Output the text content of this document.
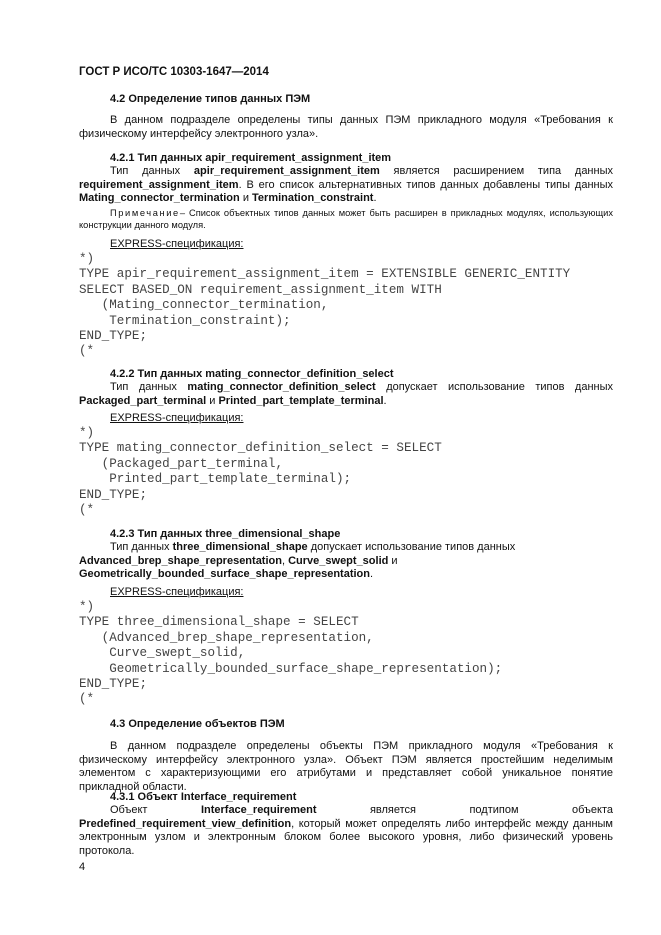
ГОСТ Р ИСО/ТС 10303-1647—2014
4.2 Определение типов данных ПЭМ
В данном подразделе определены типы данных ПЭМ прикладного модуля «Требования к физическому интерфейсу электронного узла».
4.2.1 Тип данных apir_requirement_assignment_item
Тип данных apir_requirement_assignment_item является расширением типа данных requirement_assignment_item. В его список альтернативных типов данных добавлены типы данных Mating_connector_termination и Termination_constraint.
Примечание– Список объектных типов данных может быть расширен в прикладных модулях, использующих конструкции данного модуля.
EXPRESS-спецификация:
*)
TYPE apir_requirement_assignment_item = EXTENSIBLE GENERIC_ENTITY
SELECT BASED_ON requirement_assignment_item WITH
(Mating_connector_termination,
Termination_constraint);
END_TYPE;
(*
4.2.2 Тип данных mating_connector_definition_select
Тип данных mating_connector_definition_select допускает использование типов данных Packaged_part_terminal и Printed_part_template_terminal.
EXPRESS-спецификация:
*)
TYPE mating_connector_definition_select = SELECT
(Packaged_part_terminal,
Printed_part_template_terminal);
END_TYPE;
(*
4.2.3 Тип данных three_dimensional_shape
Тип данных three_dimensional_shape допускает использование типов данных
Advanced_brep_shape_representation, Curve_swept_solid и
Geometrically_bounded_surface_shape_representation.
EXPRESS-спецификация:
*)
TYPE three_dimensional_shape = SELECT
(Advanced_brep_shape_representation,
Curve_swept_solid,
Geometrically_bounded_surface_shape_representation);
END_TYPE;
(*
4.3 Определение объектов ПЭМ
В данном подразделе определены объекты ПЭМ прикладного модуля «Требования к физическому интерфейсу электронного узла». Объект ПЭМ является простейшим неделимым элементом с характеризующими его атрибутами и представляет собой уникальное понятие прикладной области.
4.3.1 Объект Interface_requirement
Объект	Interface_requirement	является подтипом объекта Predefined_requirement_view_definition, который может определять либо интерфейс между данным электронным узлом и электронным блоком более высокого уровня, либо физический уровень протокола.
4
